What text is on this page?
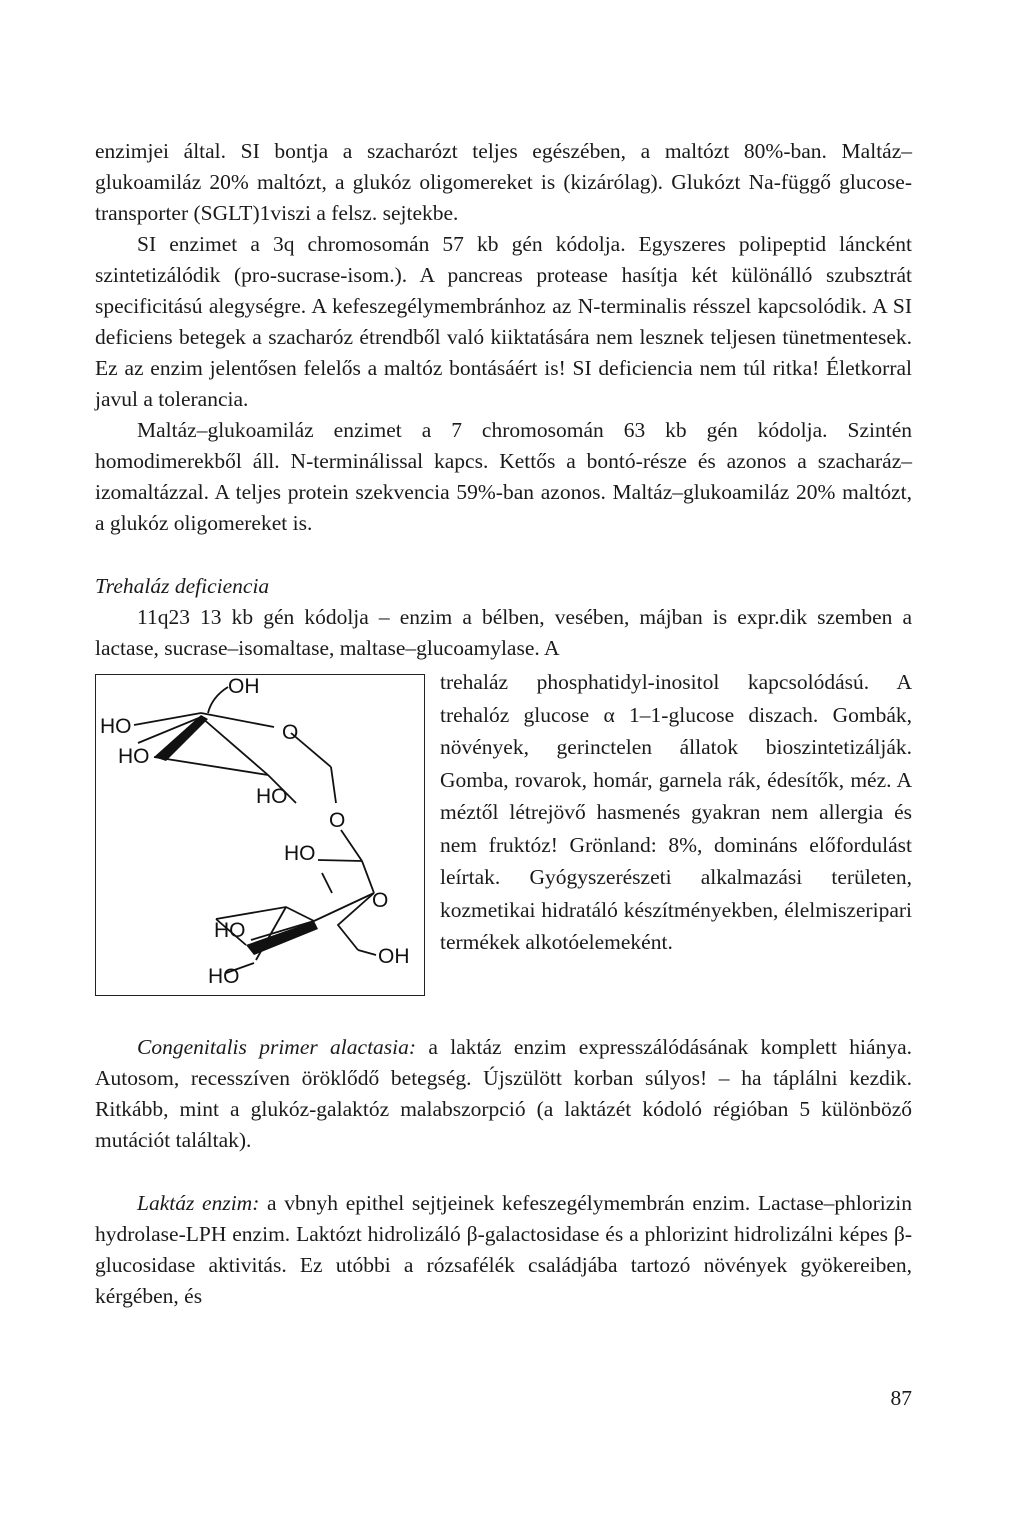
enzimjei által. SI bontja a szacharózt teljes egészében, a maltózt 80%-ban. Maltáz–glukoamiláz 20% maltózt, a glukóz oligomereket is (kizárólag). Glukózt Na-függő glucose-transporter (SGLT)1viszi a felsz. sejtekbe.

SI enzimet a 3q chromosomán 57 kb gén kódolja. Egyszeres polipeptid láncként szintetizálódik (pro-sucrase-isom.). A pancreas protease hasítja két különálló szubsztrát specificitású alegységre. A kefeszegélymembránhoz az N-terminalis résszel kapcsolódik. A SI deficiens betegek a szacharóz étrendből való kiiktatására nem lesznek teljesen tünetmentesek. Ez az enzim jelentősen felelős a maltóz bontásáért is! SI deficiencia nem túl ritka! Életkorral javul a tolerancia.

Maltáz–glukoamiláz enzimet a 7 chromosomán 63 kb gén kódolja. Szintén homodimerekből áll. N-terminálissal kapcs. Kettős a bontó-része és azonos a szacharáz–izomaltázzal. A teljes protein szekvencia 59%-ban azonos. Maltáz–glukoamiláz 20% maltózt, a glukóz oligomereket is.

Trehaláz deficiencia

11q23 13 kb gén kódolja – enzim a bélben, vesében, májban is expr.dik szemben a lactase, sucrase–isomaltase, maltase–glucoamylase. A

OH
HO	O
HO
HO
O
HO
O
HO
OH
HO

trehaláz phosphatidyl-inositol kapcsolódású. A trehalóz glucose α 1–1-glucose diszach. Gombák, növények, gerinctelen állatok bioszintetizálják. Gomba, rovarok, homár, garnela rák, édesítők, méz. A méztől létrejövő hasmenés gyakran nem allergia és nem fruktóz! Grönland: 8%, domináns előfordulást leírtak. Gyógyszerészeti alkalmazási területen, kozmetikai hidratáló készítményekben, élelmiszeripari termékek alkotóelemeként.

Congenitalis primer alactasia: a laktáz enzim expresszálódásának komplett hiánya. Autosom, recesszíven öröklődő betegség. Újszülött korban súlyos! – ha táplálni kezdik. Ritkább, mint a glukóz-galaktóz malabszorpció (a laktázét kódoló régióban 5 különböző mutációt találtak).

Laktáz enzim: a vbnyh epithel sejtjeinek kefeszegélymembrán enzim. Lactase–phlorizin hydrolase-LPH enzim. Laktózt hidrolizáló β-galactosidase és a phlorizint hidrolizálni képes β-glucosidase aktivitás. Ez utóbbi a rózsafélék családjába tartozó növények gyökereiben, kérgében, és

87
